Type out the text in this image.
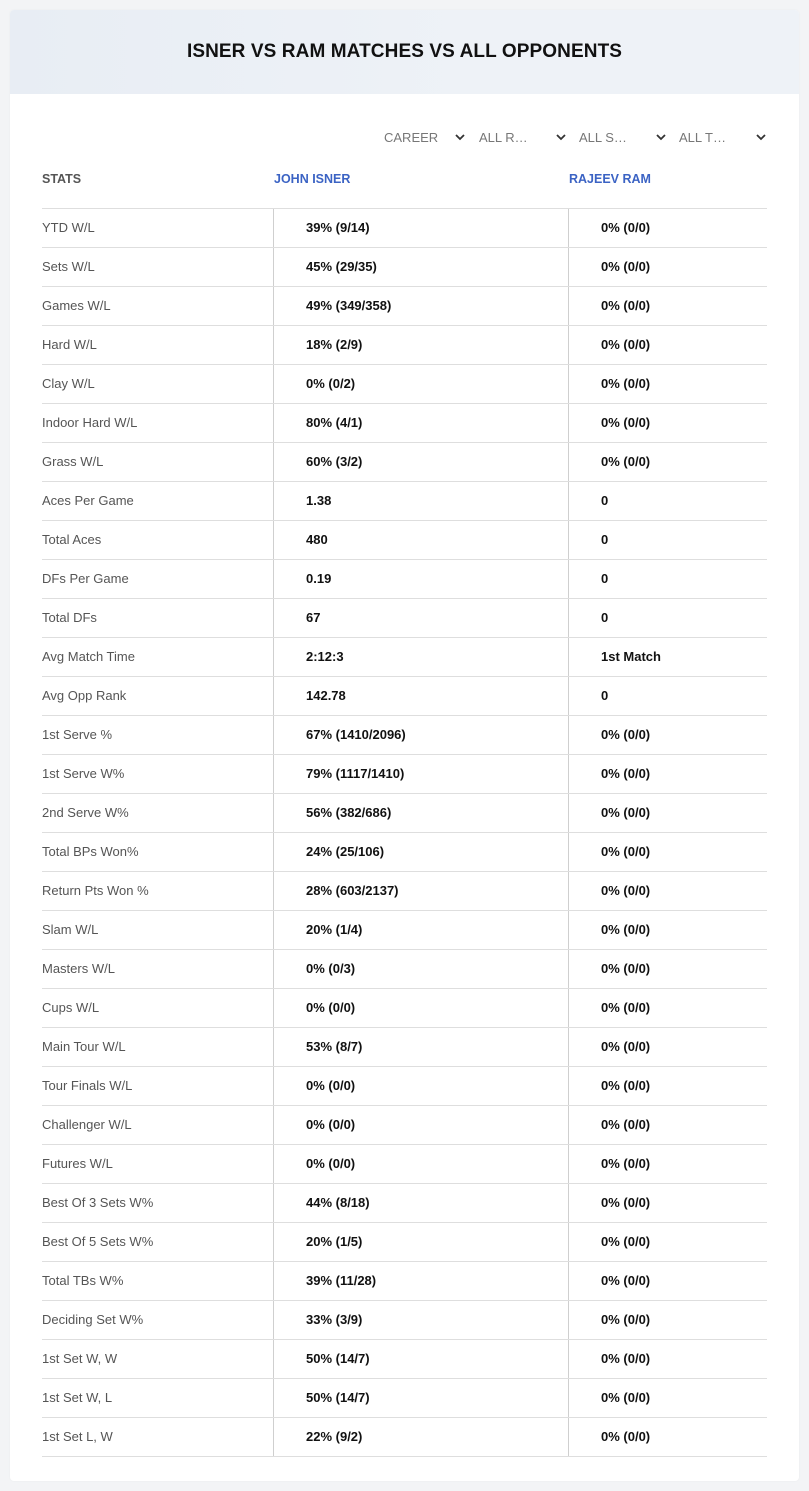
ISNER VS RAM MATCHES VS ALL OPPONENTS
CAREER	ALL R…	ALL S…	ALL T…
STATS	JOHN ISNER	RAJEEV RAM
YTD W/L	39% (9/14)	0% (0/0)
Sets W/L	45% (29/35)	0% (0/0)
Games W/L	49% (349/358)	0% (0/0)
Hard W/L	18% (2/9)	0% (0/0)
Clay W/L	0% (0/2)	0% (0/0)
Indoor Hard W/L	80% (4/1)	0% (0/0)
Grass W/L	60% (3/2)	0% (0/0)
Aces Per Game	1.38	0
Total Aces	480	0
DFs Per Game	0.19	0
Total DFs	67	0
Avg Match Time	2:12:3	1st Match
Avg Opp Rank	142.78	0
1st Serve %	67% (1410/2096)	0% (0/0)
1st Serve W%	79% (1117/1410)	0% (0/0)
2nd Serve W%	56% (382/686)	0% (0/0)
Total BPs Won%	24% (25/106)	0% (0/0)
Return Pts Won %	28% (603/2137)	0% (0/0)
Slam W/L	20% (1/4)	0% (0/0)
Masters W/L	0% (0/3)	0% (0/0)
Cups W/L	0% (0/0)	0% (0/0)
Main Tour W/L	53% (8/7)	0% (0/0)
Tour Finals W/L	0% (0/0)	0% (0/0)
Challenger W/L	0% (0/0)	0% (0/0)
Futures W/L	0% (0/0)	0% (0/0)
Best Of 3 Sets W%	44% (8/18)	0% (0/0)
Best Of 5 Sets W%	20% (1/5)	0% (0/0)
Total TBs W%	39% (11/28)	0% (0/0)
Deciding Set W%	33% (3/9)	0% (0/0)
1st Set W, W	50% (14/7)	0% (0/0)
1st Set W, L	50% (14/7)	0% (0/0)
1st Set L, W	22% (9/2)	0% (0/0)
